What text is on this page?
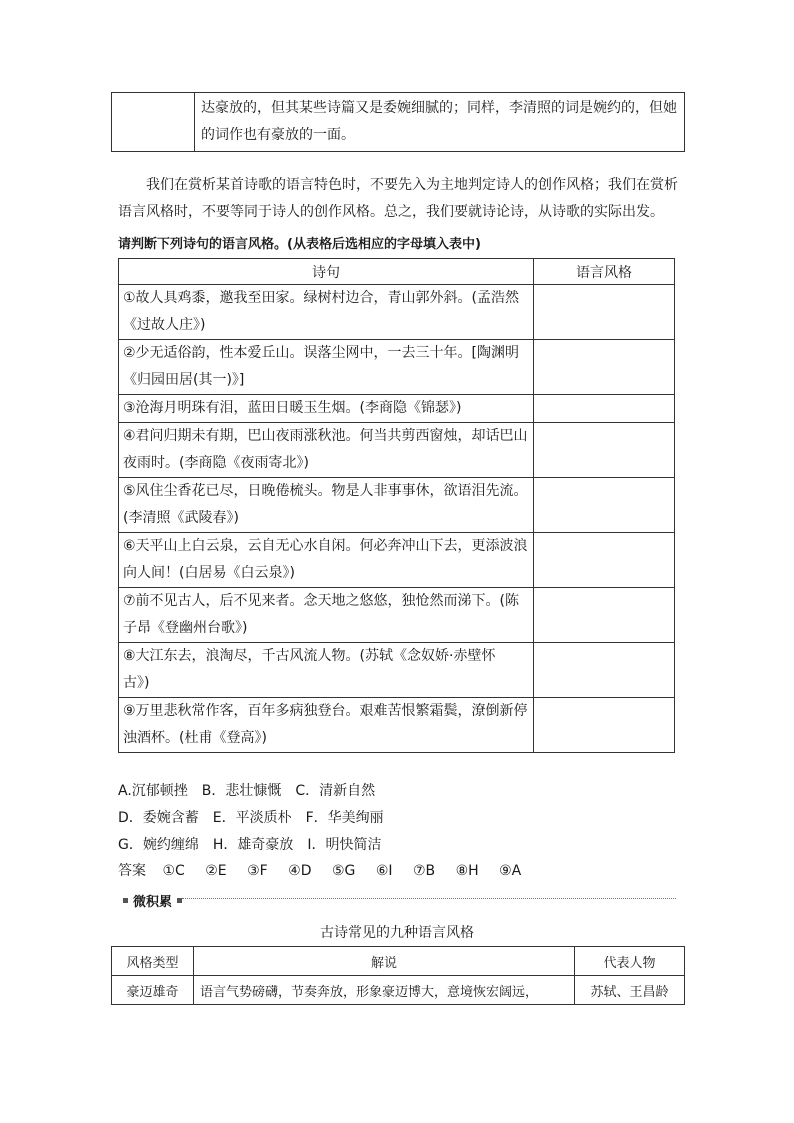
达豪放的，但其某些诗篇又是委婉细腻的；同样，李清照的词是婉约的，但她
的词作也有豪放的一面。
我们在赏析某首诗歌的语言特色时，不要先入为主地判定诗人的创作风格；我们在赏析
语言风格时，不要等同于诗人的创作风格。总之，我们要就诗论诗，从诗歌的实际出发。
请判断下列诗句的语言风格。(从表格后选相应的字母填入表中)
诗句	语言风格

①故人具鸡黍，邀我至田家。绿树村边合，青山郭外斜。(孟浩然
《过故人庄》)	

②少无适俗韵，性本爱丘山。误落尘网中，一去三十年。[陶渊明
《归园田居(其一)》]	

③沧海月明珠有泪，蓝田日暖玉生烟。(李商隐《锦瑟》)	

④君问归期未有期，巴山夜雨涨秋池。何当共剪西窗烛，却话巴山
夜雨时。(李商隐《夜雨寄北》)	

⑤风住尘香花已尽，日晚倦梳头。物是人非事事休，欲语泪先流。
(李清照《武陵春》)	

⑥天平山上白云泉，云自无心水自闲。何必奔冲山下去，更添波浪
向人间！(白居易《白云泉》)	

⑦前不见古人，后不见来者。念天地之悠悠，独怆然而涕下。(陈
子昂《登幽州台歌》)	

⑧大江东去，浪淘尽，千古风流人物。(苏轼《念奴娇·赤壁怀
古》)	

⑨万里悲秋常作客，百年多病独登台。艰难苦恨繁霜鬓，潦倒新停
浊酒杯。(杜甫《登高》)	

A.沉郁顿挫　B．悲壮慷慨　C．清新自然
D．委婉含蓄　E．平淡质朴　F．华美绚丽
G．婉约缠绵　H．雄奇豪放　I．明快简洁
答案 ①C ②E ③F ④D ⑤G ⑥I ⑦B ⑧H ⑨A
微积累
古诗常见的九种语言风格
风格类型	解说	代表人物
豪迈雄奇	语言气势磅礴，节奏奔放，形象豪迈博大，意境恢宏阔远，	苏轼、王昌龄
